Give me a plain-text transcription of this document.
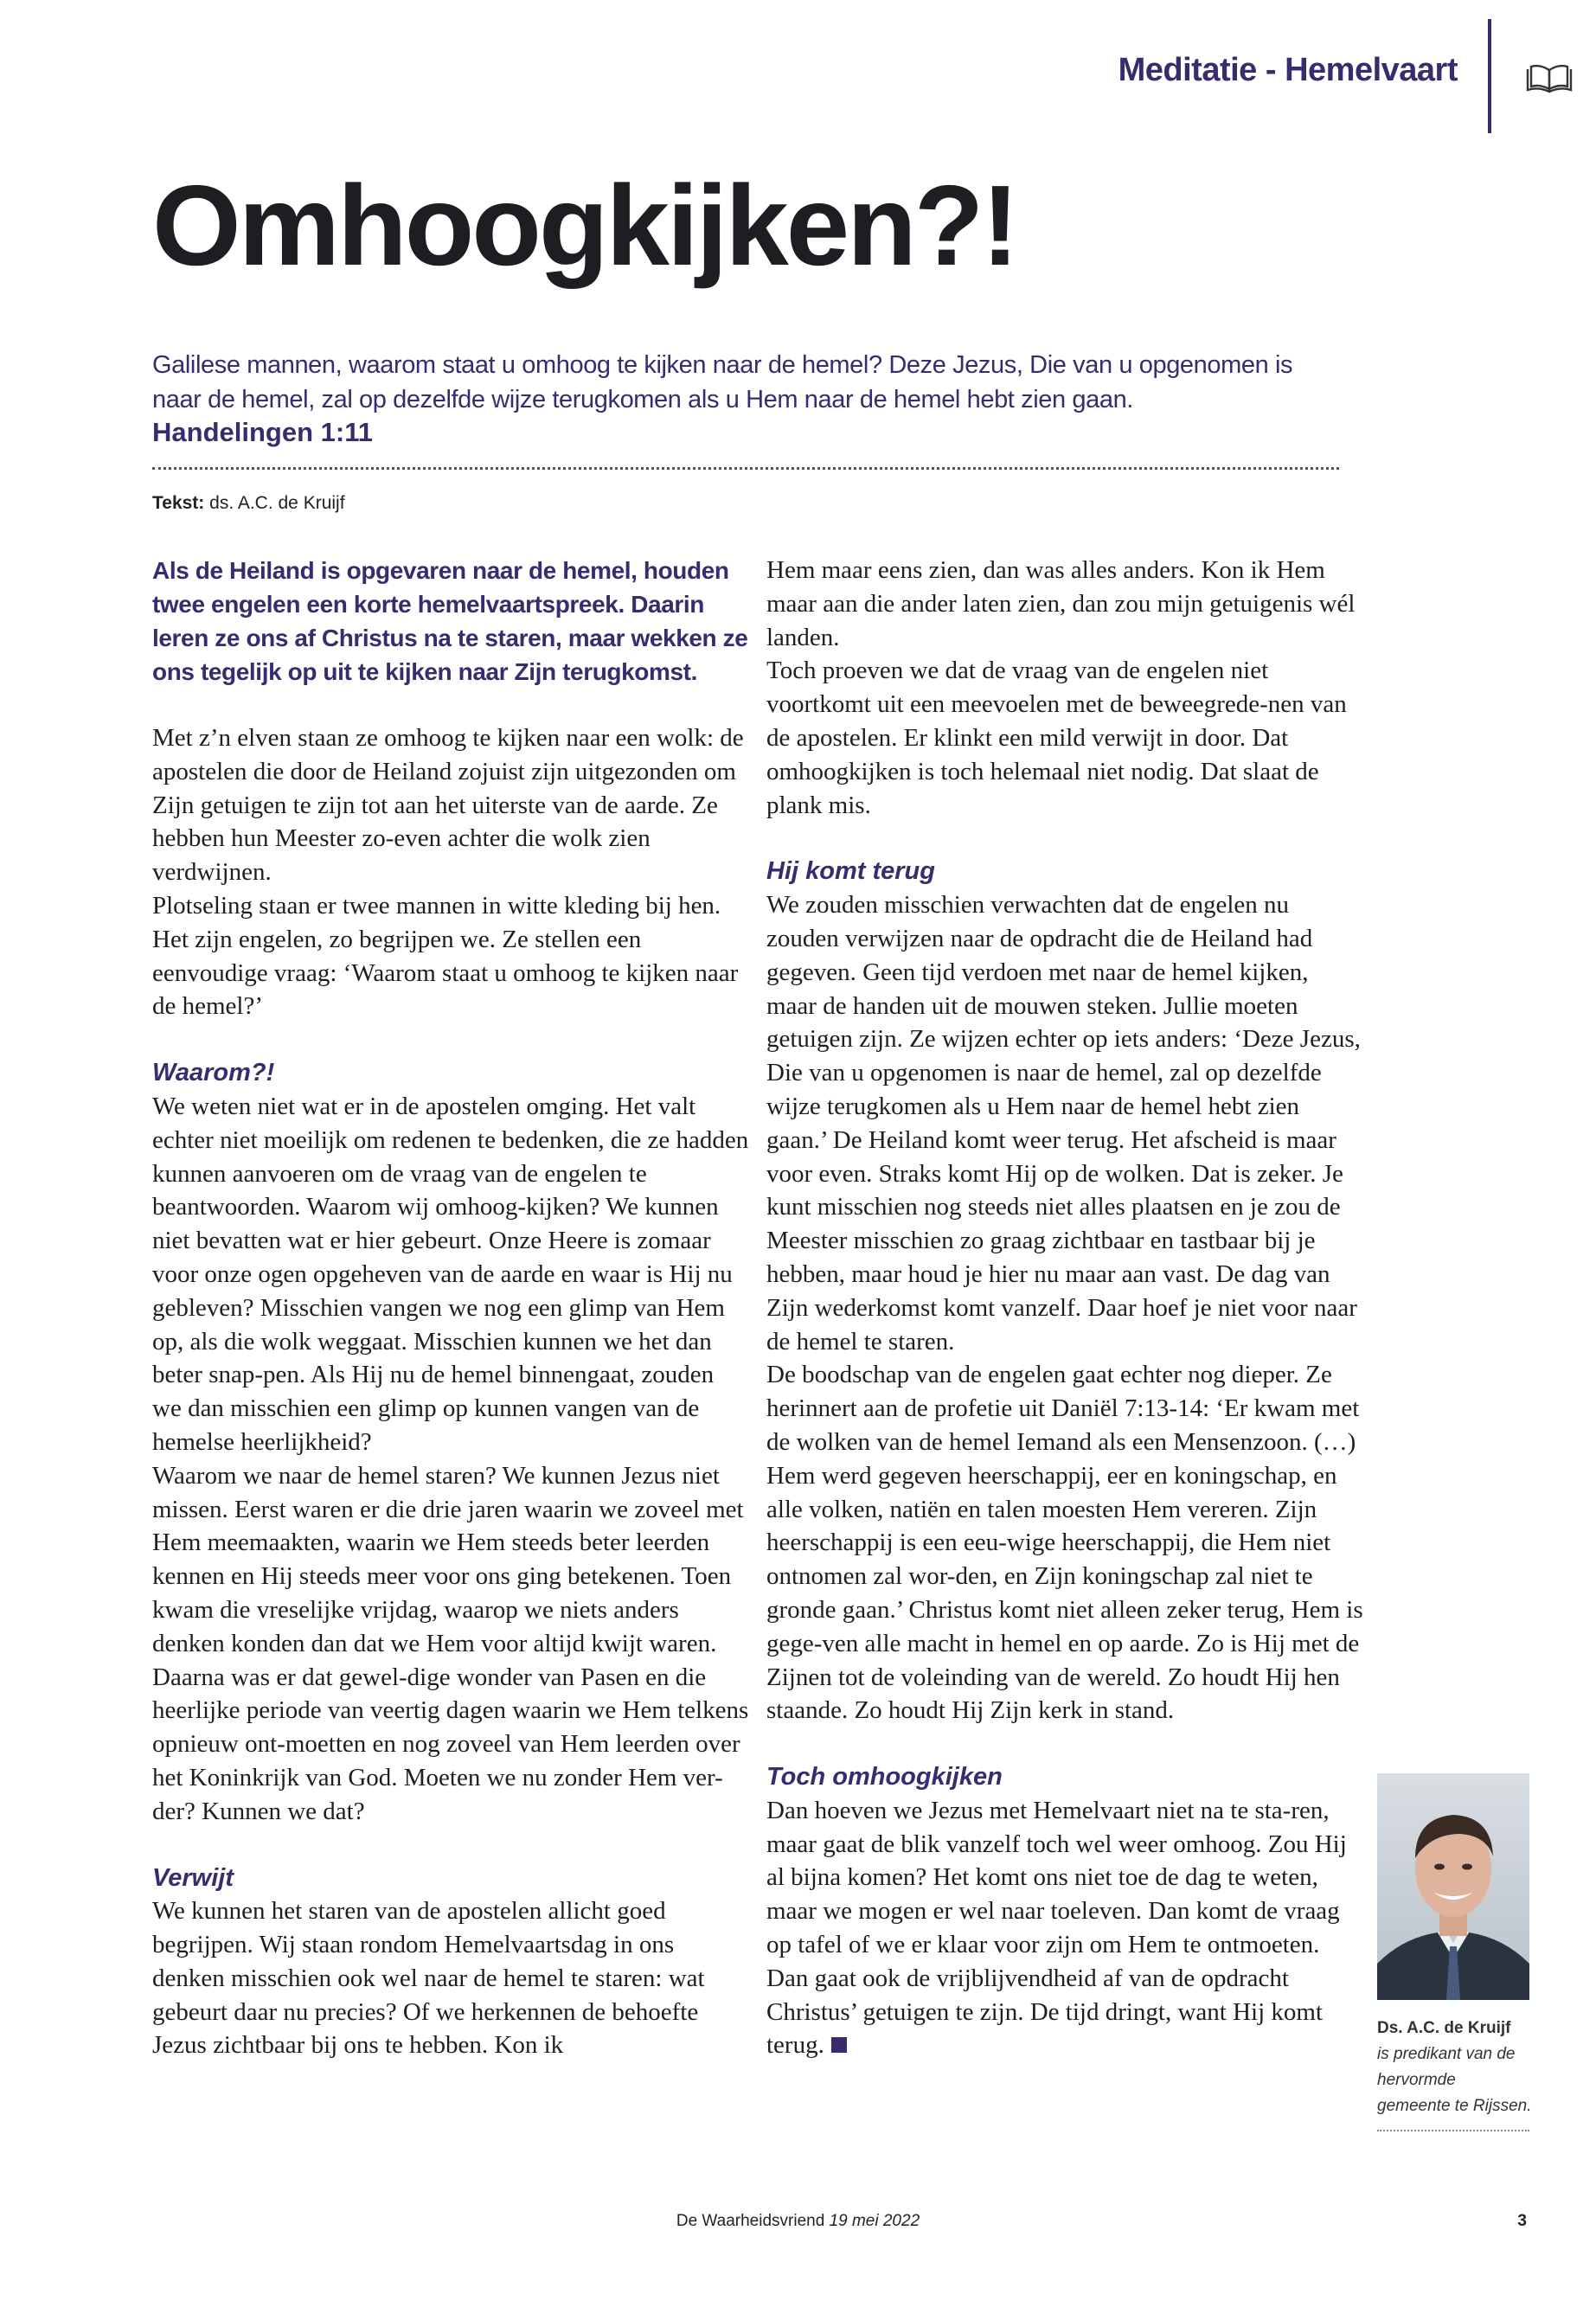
Meditatie - Hemelvaart
Omhoogkijken?!
Galilese mannen, waarom staat u omhoog te kijken naar de hemel? Deze Jezus, Die van u opgenomen is naar de hemel, zal op dezelfde wijze terugkomen als u Hem naar de hemel hebt zien gaan.
Handelingen 1:11
Tekst: ds. A.C. de Kruijf

Als de Heiland is opgevaren naar de hemel, houden twee engelen een korte hemelvaartspreek. Daarin leren ze ons af Christus na te staren, maar wekken ze ons tegelijk op uit te kijken naar Zijn terugkomst.

Met z’n elven staan ze omhoog te kijken naar een wolk: de apostelen die door de Heiland zojuist zijn uitgezonden om Zijn getuigen te zijn tot aan het uiterste van de aarde. Ze hebben hun Meester zo-even achter die wolk zien verdwijnen.

Plotseling staan er twee mannen in witte kleding bij hen. Het zijn engelen, zo begrijpen we. Ze stellen een eenvoudige vraag: ‘Waarom staat u omhoog te kijken naar de hemel?’

Waarom?!

We weten niet wat er in de apostelen omging. Het valt echter niet moeilijk om redenen te bedenken, die ze hadden kunnen aanvoeren om de vraag van de engelen te beantwoorden. Waarom wij omhoog-kijken? We kunnen niet bevatten wat er hier gebeurt. Onze Heere is zomaar voor onze ogen opgeheven van de aarde en waar is Hij nu gebleven? Misschien vangen we nog een glimp van Hem op, als die wolk weggaat. Misschien kunnen we het dan beter snap-pen. Als Hij nu de hemel binnengaat, zouden we dan misschien een glimp op kunnen vangen van de hemelse heerlijkheid?

Waarom we naar de hemel staren? We kunnen Jezus niet missen. Eerst waren er die drie jaren waarin we zoveel met Hem meemaakten, waarin we Hem steeds beter leerden kennen en Hij steeds meer voor ons ging betekenen. Toen kwam die vreselijke vrijdag, waarop we niets anders denken konden dan dat we Hem voor altijd kwijt waren. Daarna was er dat gewel-dige wonder van Pasen en die heerlijke periode van veertig dagen waarin we Hem telkens opnieuw ont-moetten en nog zoveel van Hem leerden over het Koninkrijk van God. Moeten we nu zonder Hem ver-der? Kunnen we dat?

Verwijt

We kunnen het staren van de apostelen allicht goed begrijpen. Wij staan rondom Hemelvaartsdag in ons denken misschien ook wel naar de hemel te staren: wat gebeurt daar nu precies? Of we herkennen de behoefte Jezus zichtbaar bij ons te hebben. Kon ik

Hem maar eens zien, dan was alles anders. Kon ik Hem maar aan die ander laten zien, dan zou mijn getuigenis wél landen.

Toch proeven we dat de vraag van de engelen niet voortkomt uit een meevoelen met de beweegrede-nen van de apostelen. Er klinkt een mild verwijt in door. Dat omhoogkijken is toch helemaal niet nodig. Dat slaat de plank mis.

Hij komt terug

We zouden misschien verwachten dat de engelen nu zouden verwijzen naar de opdracht die de Heiland had gegeven. Geen tijd verdoen met naar de hemel kijken, maar de handen uit de mouwen steken. Jullie moeten getuigen zijn. Ze wijzen echter op iets anders: ‘Deze Jezus, Die van u opgenomen is naar de hemel, zal op dezelfde wijze terugkomen als u Hem naar de hemel hebt zien gaan.’ De Heiland komt weer terug. Het afscheid is maar voor even. Straks komt Hij op de wolken. Dat is zeker. Je kunt misschien nog steeds niet alles plaatsen en je zou de Meester misschien zo graag zichtbaar en tastbaar bij je hebben, maar houd je hier nu maar aan vast. De dag van Zijn wederkomst komt vanzelf. Daar hoef je niet voor naar de hemel te staren.

De boodschap van de engelen gaat echter nog dieper. Ze herinnert aan de profetie uit Daniël 7:13-14: ‘Er kwam met de wolken van de hemel Iemand als een Mensenzoon. (…) Hem werd gegeven heerschappij, eer en koningschap, en alle volken, natiën en talen moesten Hem vereren. Zijn heerschappij is een eeu-wige heerschappij, die Hem niet ontnomen zal wor-den, en Zijn koningschap zal niet te gronde gaan.’ Christus komt niet alleen zeker terug, Hem is gege-ven alle macht in hemel en op aarde. Zo is Hij met de Zijnen tot de voleinding van de wereld. Zo houdt Hij hen staande. Zo houdt Hij Zijn kerk in stand.

Toch omhoogkijken

Dan hoeven we Jezus met Hemelvaart niet na te sta-ren, maar gaat de blik vanzelf toch wel weer omhoog. Zou Hij al bijna komen? Het komt ons niet toe de dag te weten, maar we mogen er wel naar toeleven. Dan komt de vraag op tafel of we er klaar voor zijn om Hem te ontmoeten. Dan gaat ook de vrijblijvendheid af van de opdracht Christus’ getuigen te zijn. De tijd dringt, want Hij komt terug.

Ds. A.C. de Kruijf
is predikant van de hervormde gemeente te Rijssen.
De Waarheidsvriend 19 mei 2022	3
